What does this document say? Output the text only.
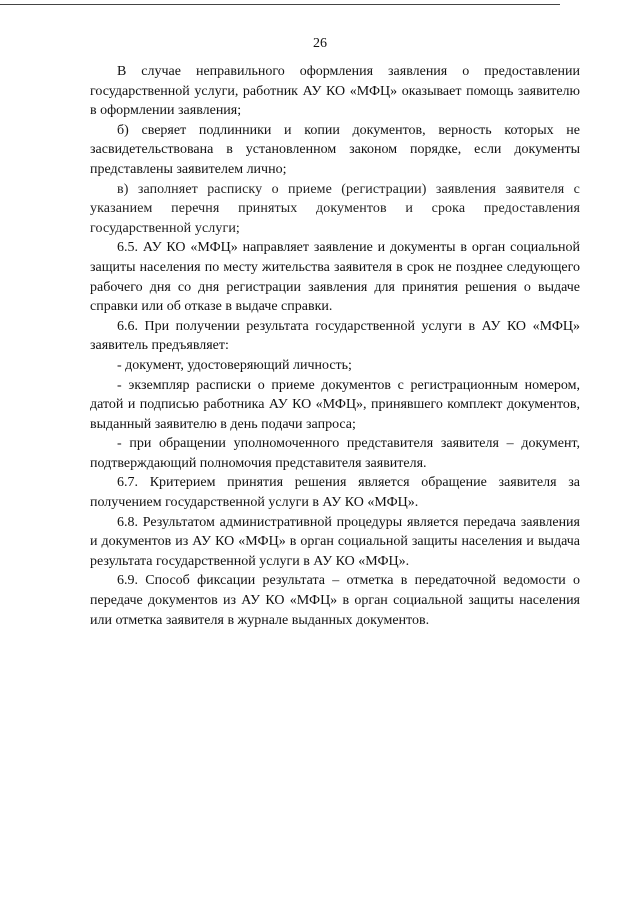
26

В случае неправильного оформления заявления о предоставлении государственной услуги, работник АУ КО «МФЦ» оказывает помощь заявителю в оформлении заявления;

б) сверяет подлинники и копии документов, верность которых не засвидетельствована в установленном законом порядке, если документы представлены заявителем лично;

в) заполняет расписку о приеме (регистрации) заявления заявителя с указанием перечня принятых документов и срока предоставления государственной услуги;

6.5. АУ КО «МФЦ» направляет заявление и документы в орган социальной защиты населения по месту жительства заявителя в срок не позднее следующего рабочего дня со дня регистрации заявления для принятия решения о выдаче справки или об отказе в выдаче справки.

6.6. При получении результата государственной услуги в АУ КО «МФЦ» заявитель предъявляет:

- документ, удостоверяющий личность;

- экземпляр расписки о приеме документов с регистрационным номером, датой и подписью работника АУ КО «МФЦ», принявшего комплект документов, выданный заявителю в день подачи запроса;

- при обращении уполномоченного представителя заявителя – документ, подтверждающий полномочия представителя заявителя.

6.7. Критерием принятия решения является обращение заявителя за получением государственной услуги в АУ КО «МФЦ».

6.8. Результатом административной процедуры является передача заявления и документов из АУ КО «МФЦ» в орган социальной защиты населения и выдача результата государственной услуги в АУ КО «МФЦ».

6.9. Способ фиксации результата – отметка в передаточной ведомости о передаче документов из АУ КО «МФЦ» в орган социальной защиты населения или отметка заявителя в журнале выданных документов.
